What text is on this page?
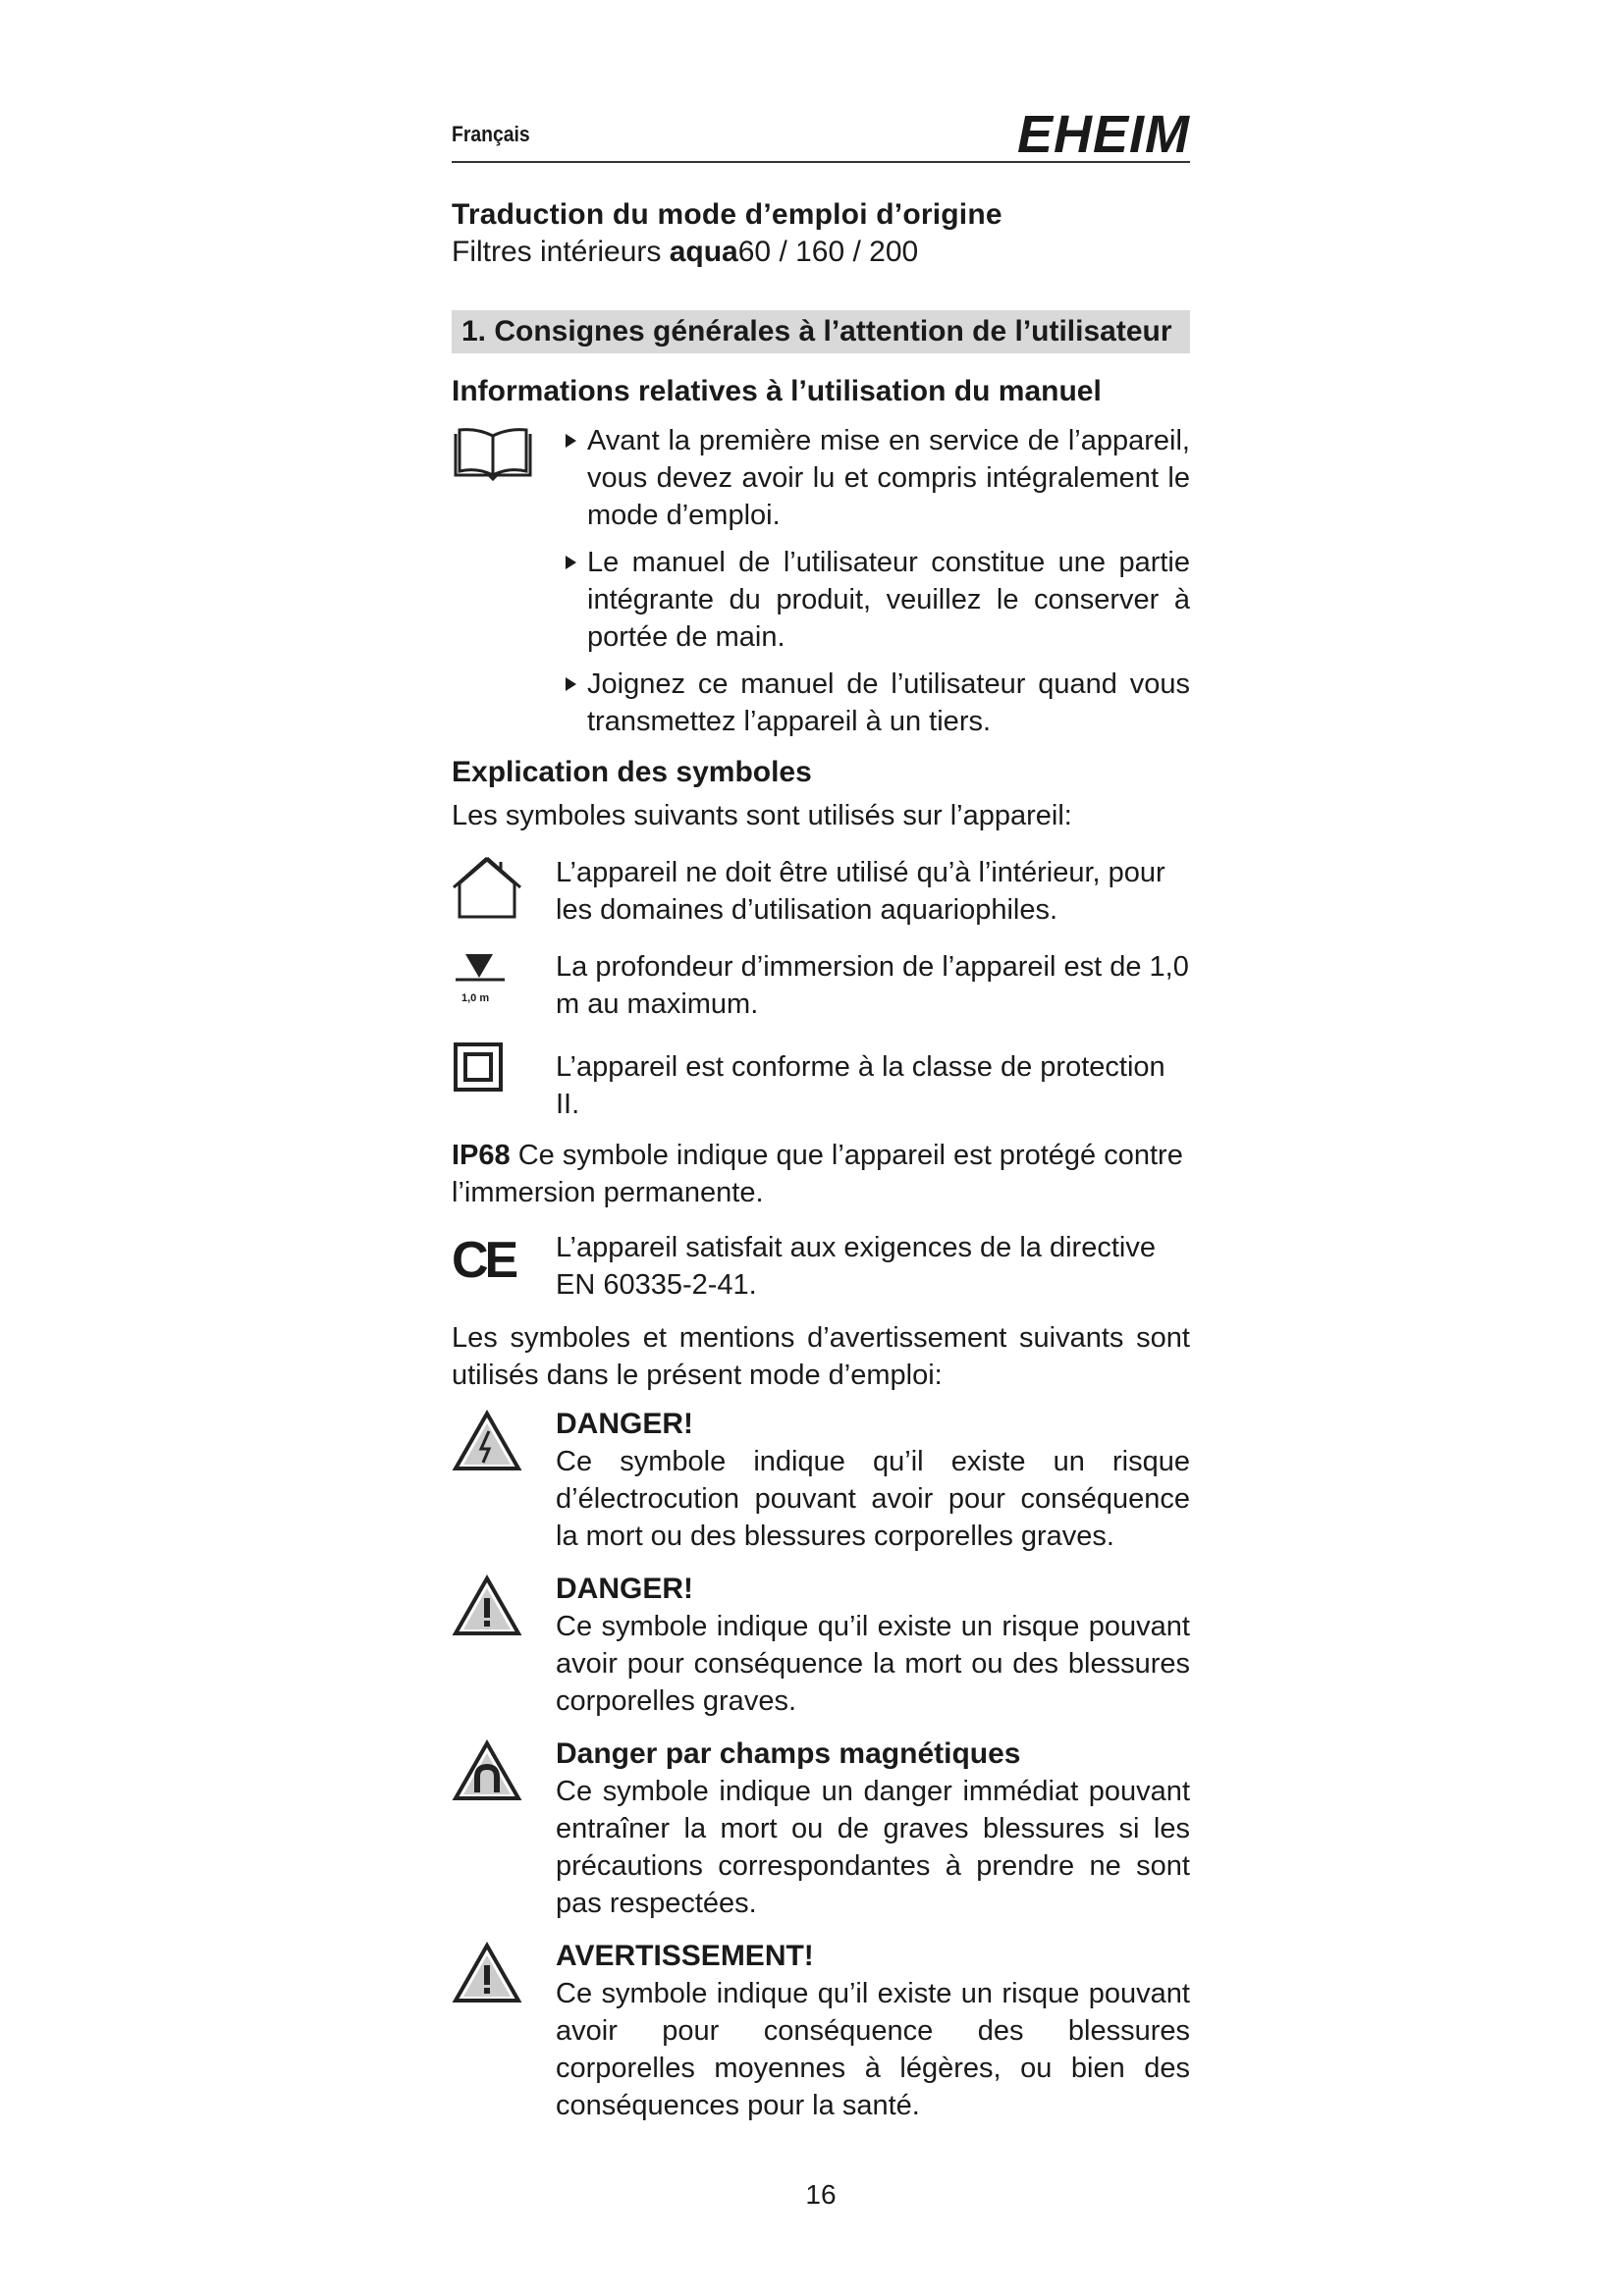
Français	EHEIM
Traduction du mode d’emploi d’origine
Filtres intérieurs aqua60 / 160 / 200
1. Consignes générales à l’attention de l’utilisateur
Informations relatives à l’utilisation du manuel
Avant la première mise en service de l’appareil, vous devez avoir lu et compris intégralement le mode d’emploi.
Le manuel de l’utilisateur constitue une partie intégrante du produit, veuillez le conserver à portée de main.
Joignez ce manuel de l’utilisateur quand vous transmettez l’appareil à un tiers.
Explication des symboles
Les symboles suivants sont utilisés sur l’appareil:
L’appareil ne doit être utilisé qu’à l’intérieur, pour les domaines d’utilisation aquariophiles.
1,0 m
La profondeur d’immersion de l’appareil est de 1,0 m au maximum.
L’appareil est conforme à la classe de protection II.
IP68 Ce symbole indique que l’appareil est protégé contre l’immersion permanente.
CE L’appareil satisfait aux exigences de la directive EN 60335-2-41.
Les symboles et mentions d’avertissement suivants sont utilisés dans le présent mode d’emploi:
DANGER!
Ce symbole indique qu’il existe un risque d’électrocution pouvant avoir pour conséquence la mort ou des blessures corporelles graves.
DANGER!
Ce symbole indique qu’il existe un risque pouvant avoir pour conséquence la mort ou des blessures corporelles graves.
Danger par champs magnétiques
Ce symbole indique un danger immédiat pouvant entraîner la mort ou de graves blessures si les précautions correspondantes à prendre ne sont pas respectées.
AVERTISSEMENT!
Ce symbole indique qu’il existe un risque pouvant avoir pour conséquence des blessures corporelles moyennes à légères, ou bien des conséquences pour la santé.
16
